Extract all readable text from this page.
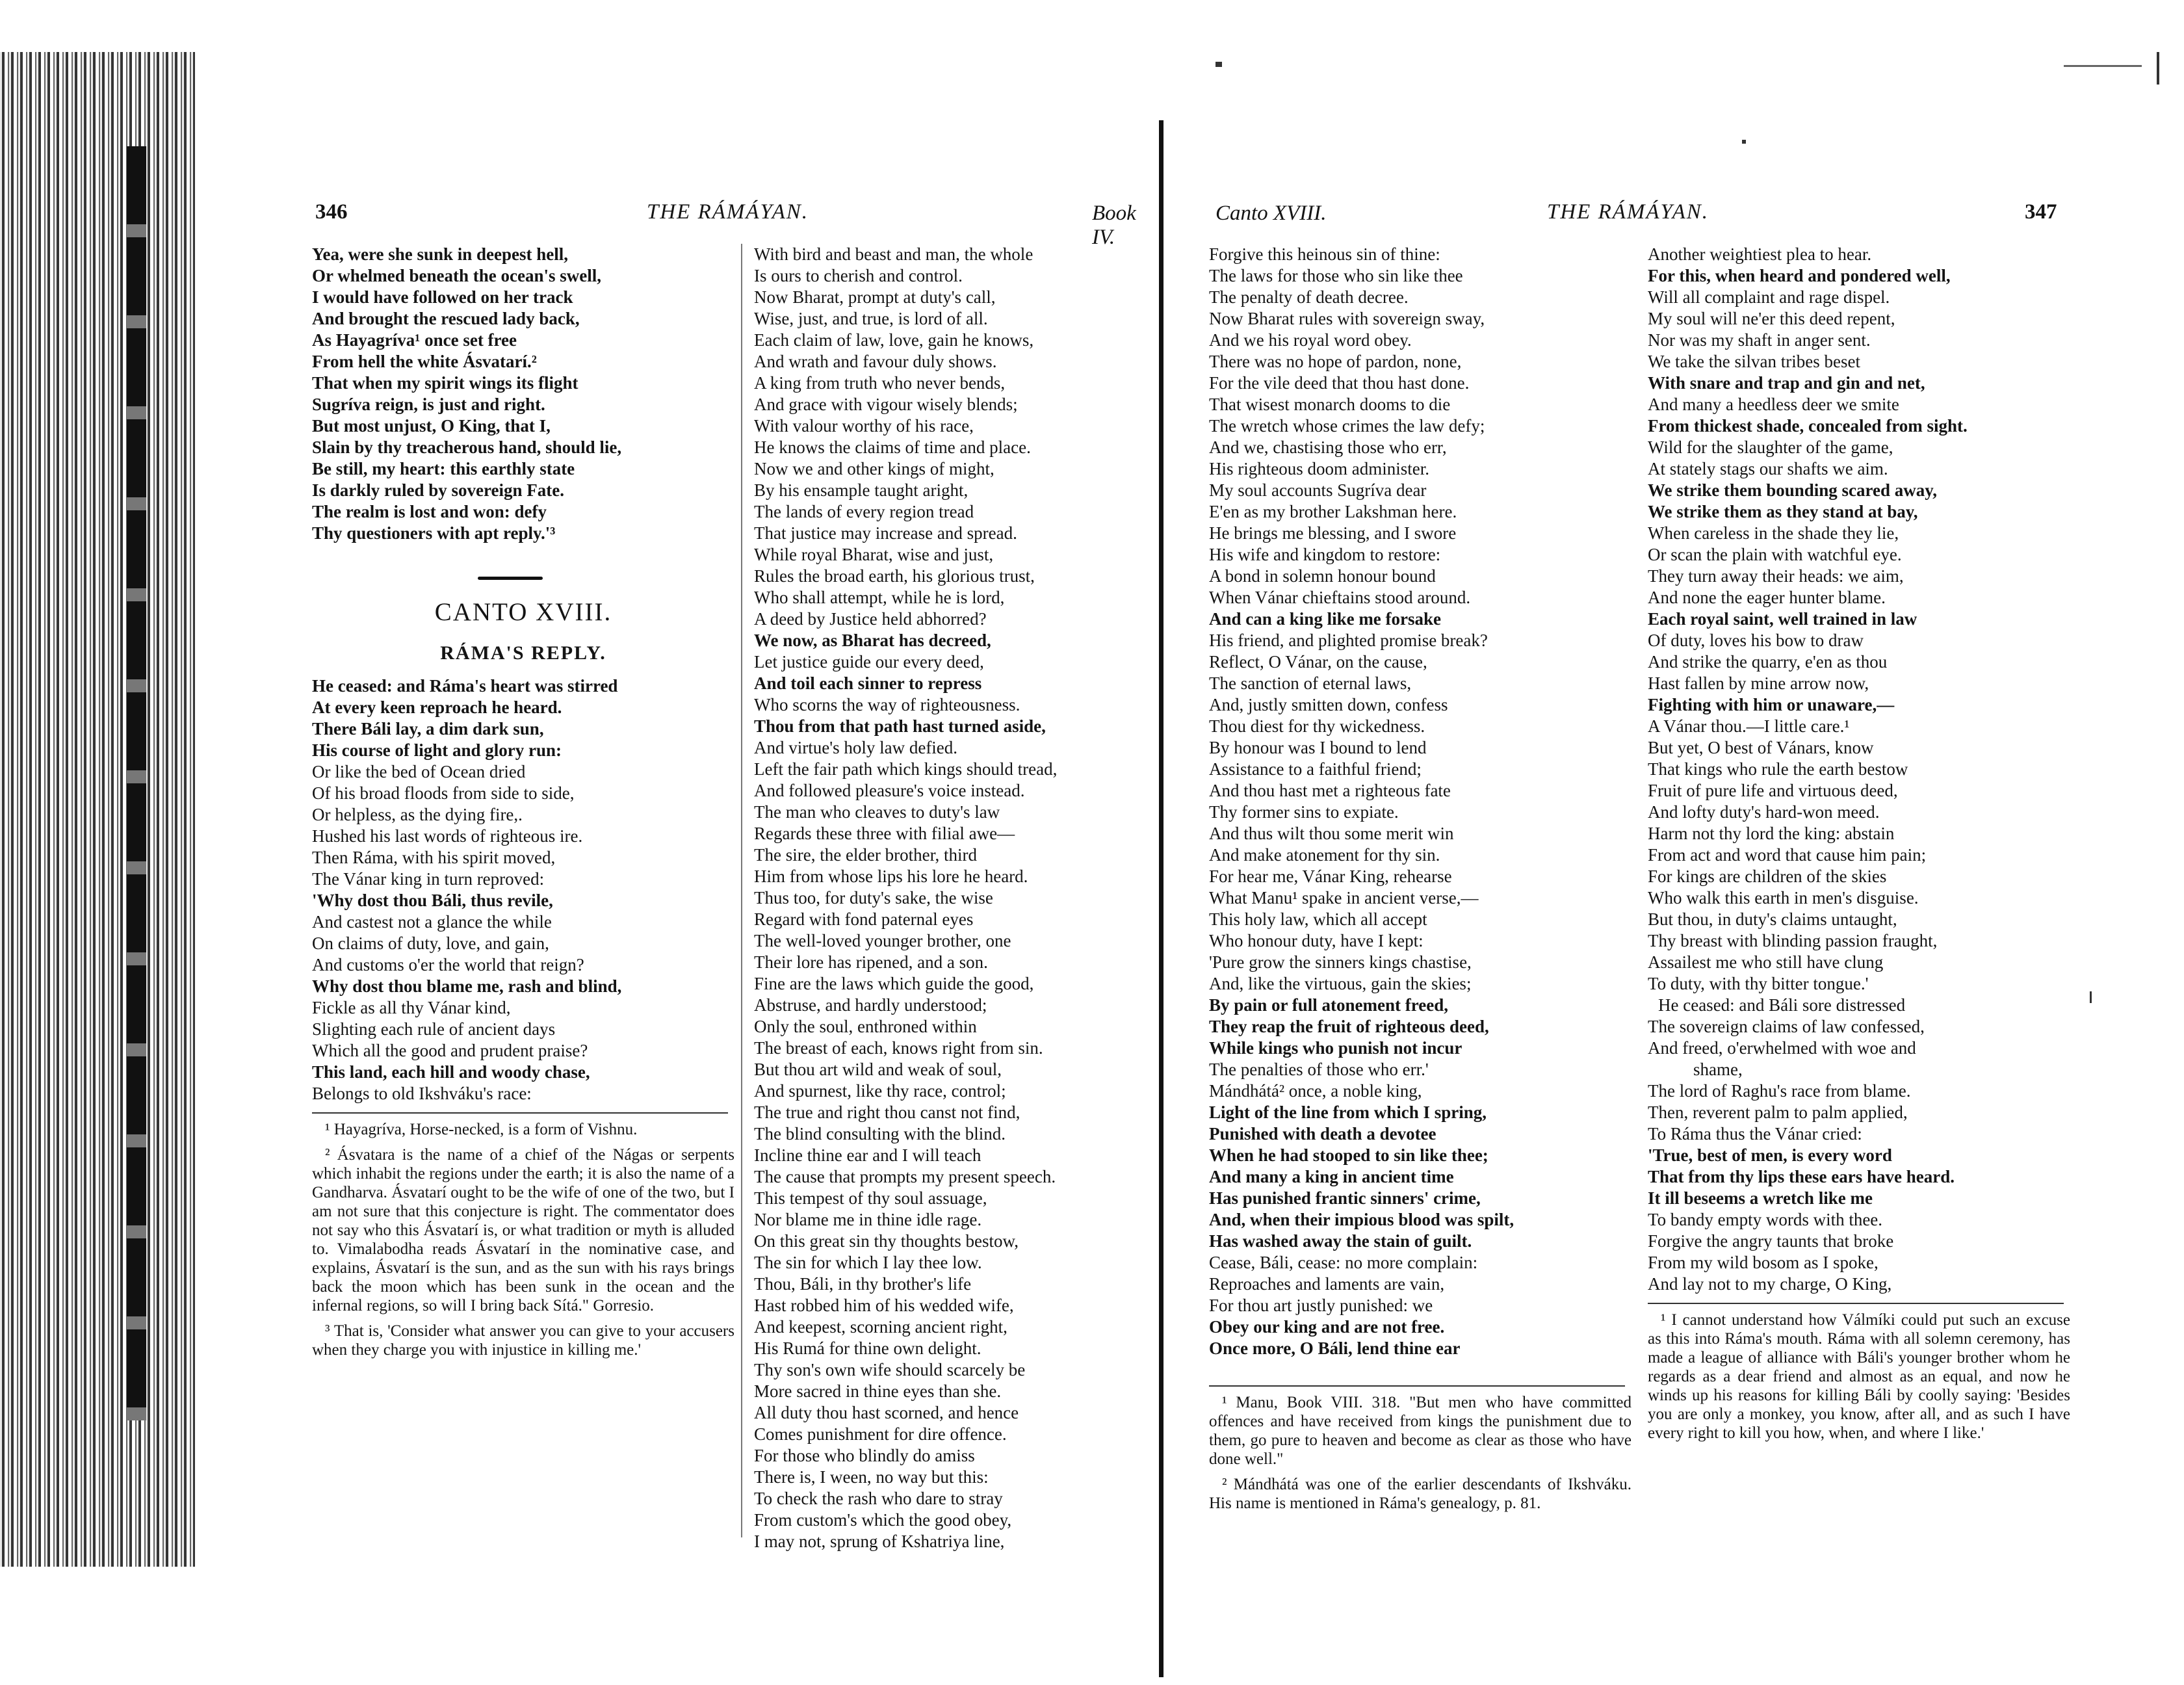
346	THE RÁMÁYAN.	Book IV.
Yea, were she sunk in deepest hell,
Or whelmed beneath the ocean's swell,
I would have followed on her track
And brought the rescued lady back,
As Hayagríva¹ once set free
From hell the white Ásvatarí.²
That when my spirit wings its flight
Sugríva reign, is just and right.
But most unjust, O King, that I,
Slain by thy treacherous hand, should lie,
Be still, my heart: this earthly state
Is darkly ruled by sovereign Fate.
The realm is lost and won: defy
Thy questioners with apt reply.'³
CANTO XVIII.
RÁMA'S REPLY.
He ceased: and Ráma's heart was stirred
At every keen reproach he heard.
There Báli lay, a dim dark sun,
His course of light and glory run:
Or like the bed of Ocean dried
Of his broad floods from side to side,
Or helpless, as the dying fire,.
Hushed his last words of righteous ire.
Then Ráma, with his spirit moved,
The Vánar king in turn reproved:
'Why dost thou Báli, thus revile,
And castest not a glance the while
On claims of duty, love, and gain,
And customs o'er the world that reign?
Why dost thou blame me, rash and blind,
Fickle as all thy Vánar kind,
Slighting each rule of ancient days
Which all the good and prudent praise?
This land, each hill and woody chase,
Belongs to old Ikshváku's race:

¹ Hayagríva, Horse-necked, is a form of Vishnu.

² Ásvatara is the name of a chief of the Nágas or serpents which inhabit the regions under the earth; it is also the name of a Gandharva. Ásvatarí ought to be the wife of one of the two, but I am not sure that this conjecture is right. The commentator does not say who this Ásvatarí is, or what tradition or myth is alluded to. Vimalabodha reads Ásvatarí in the nominative case, and explains, Ásvatarí is the sun, and as the sun with his rays brings back the moon which has been sunk in the ocean and the infernal regions, so will I bring back Sítá." Gorresio.

³ That is, 'Consider what answer you can give to your accusers when they charge you with injustice in killing me.'

With bird and beast and man, the whole
Is ours to cherish and control.
Now Bharat, prompt at duty's call,
Wise, just, and true, is lord of all.
Each claim of law, love, gain he knows,
And wrath and favour duly shows.
A king from truth who never bends,
And grace with vigour wisely blends;
With valour worthy of his race,
He knows the claims of time and place.
Now we and other kings of might,
By his ensample taught aright,
The lands of every region tread
That justice may increase and spread.
While royal Bharat, wise and just,
Rules the broad earth, his glorious trust,
Who shall attempt, while he is lord,
A deed by Justice held abhorred?
We now, as Bharat has decreed,
Let justice guide our every deed,
And toil each sinner to repress
Who scorns the way of righteousness.
Thou from that path hast turned aside,
And virtue's holy law defied.
Left the fair path which kings should tread,
And followed pleasure's voice instead.
The man who cleaves to duty's law
Regards these three with filial awe—
The sire, the elder brother, third
Him from whose lips his lore he heard.
Thus too, for duty's sake, the wise
Regard with fond paternal eyes
The well-loved younger brother, one
Their lore has ripened, and a son.
Fine are the laws which guide the good,
Abstruse, and hardly understood;
Only the soul, enthroned within
The breast of each, knows right from sin.
But thou art wild and weak of soul,
And spurnest, like thy race, control;
The true and right thou canst not find,
The blind consulting with the blind.
Incline thine ear and I will teach
The cause that prompts my present speech.
This tempest of thy soul assuage,
Nor blame me in thine idle rage.
On this great sin thy thoughts bestow,
The sin for which I lay thee low.
Thou, Báli, in thy brother's life
Hast robbed him of his wedded wife,
And keepest, scorning ancient right,
His Rumá for thine own delight.
Thy son's own wife should scarcely be
More sacred in thine eyes than she.
All duty thou hast scorned, and hence
Comes punishment for dire offence.
For those who blindly do amiss
There is, I ween, no way but this:
To check the rash who dare to stray
From custom's which the good obey,
I may not, sprung of Kshatriya line,
Canto XVIII.	THE RÁMÁYAN.	347
Forgive this heinous sin of thine:
The laws for those who sin like thee
The penalty of death decree.
Now Bharat rules with sovereign sway,
And we his royal word obey.
There was no hope of pardon, none,
For the vile deed that thou hast done.
That wisest monarch dooms to die
The wretch whose crimes the law defy;
And we, chastising those who err,
His righteous doom administer.
My soul accounts Sugríva dear
E'en as my brother Lakshman here.
He brings me blessing, and I swore
His wife and kingdom to restore:
A bond in solemn honour bound
When Vánar chieftains stood around.
And can a king like me forsake
His friend, and plighted promise break?
Reflect, O Vánar, on the cause,
The sanction of eternal laws,
And, justly smitten down, confess
Thou diest for thy wickedness.
By honour was I bound to lend
Assistance to a faithful friend;
And thou hast met a righteous fate
Thy former sins to expiate.
And thus wilt thou some merit win
And make atonement for thy sin.
For hear me, Vánar King, rehearse
What Manu¹ spake in ancient verse,—
This holy law, which all accept
Who honour duty, have I kept:
'Pure grow the sinners kings chastise,
And, like the virtuous, gain the skies;
By pain or full atonement freed,
They reap the fruit of righteous deed,
While kings who punish not incur
The penalties of those who err.'
Mándhátá² once, a noble king,
Light of the line from which I spring,
Punished with death a devotee
When he had stooped to sin like thee;
And many a king in ancient time
Has punished frantic sinners' crime,
And, when their impious blood was spilt,
Has washed away the stain of guilt.
Cease, Báli, cease: no more complain:
Reproaches and laments are vain,
For thou art justly punished: we
Obey our king and are not free.
Once more, O Báli, lend thine ear

¹ Manu, Book VIII. 318. "But men who have committed offences and have received from kings the punishment due to them, go pure to heaven and become as clear as those who have done well."

² Mándhátá was one of the earlier descendants of Ikshváku. His name is mentioned in Ráma's genealogy, p. 81.

Another weightiest plea to hear.
For this, when heard and pondered well,
Will all complaint and rage dispel.
My soul will ne'er this deed repent,
Nor was my shaft in anger sent.
We take the silvan tribes beset
With snare and trap and gin and net,
And many a heedless deer we smite
From thickest shade, concealed from sight.
Wild for the slaughter of the game,
At stately stags our shafts we aim.
We strike them bounding scared away,
We strike them as they stand at bay,
When careless in the shade they lie,
Or scan the plain with watchful eye.
They turn away their heads: we aim,
And none the eager hunter blame.
Each royal saint, well trained in law
Of duty, loves his bow to draw
And strike the quarry, e'en as thou
Hast fallen by mine arrow now,
Fighting with him or unaware,—
A Vánar thou.—I little care.¹
But yet, O best of Vánars, know
That kings who rule the earth bestow
Fruit of pure life and virtuous deed,
And lofty duty's hard-won meed.
Harm not thy lord the king: abstain
From act and word that cause him pain;
For kings are children of the skies
Who walk this earth in men's disguise.
But thou, in duty's claims untaught,
Thy breast with blinding passion fraught,
Assailest me who still have clung
To duty, with thy bitter tongue.'
He ceased: and Báli sore distressed
The sovereign claims of law confessed,
And freed, o'erwhelmed with woe and
shame,
The lord of Raghu's race from blame.
Then, reverent palm to palm applied,
To Ráma thus the Vánar cried:
'True, best of men, is every word
That from thy lips these ears have heard.
It ill beseems a wretch like me
To bandy empty words with thee.
Forgive the angry taunts that broke
From my wild bosom as I spoke,
And lay not to my charge, O King,

¹ I cannot understand how Válmíki could put such an excuse as this into Ráma's mouth. Ráma with all solemn ceremony, has made a league of alliance with Báli's younger brother whom he regards as a dear friend and almost as an equal, and now he winds up his reasons for killing Báli by coolly saying: 'Besides you are only a monkey, you know, after all, and as such I have every right to kill you how, when, and where I like.'
